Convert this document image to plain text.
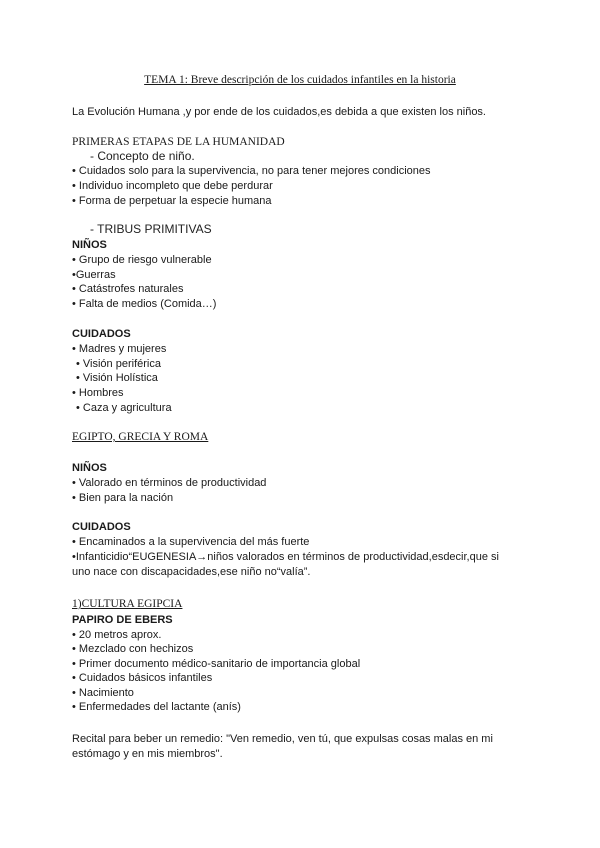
TEMA 1: Breve descripción de los cuidados infantiles en la historia
La Evolución Humana ,y por ende de los cuidados,es debida a que existen los niños.
PRIMERAS ETAPAS DE LA HUMANIDAD
- Concepto de niño.
• Cuidados solo para la supervivencia, no para tener mejores condiciones
• Individuo incompleto que debe perdurar
• Forma de perpetuar la especie humana
- TRIBUS PRIMITIVAS
NIÑOS
• Grupo de riesgo vulnerable
•Guerras
• Catástrofes naturales
• Falta de medios (Comida…)
CUIDADOS
• Madres y mujeres
• Visión periférica
• Visión Holística
• Hombres
• Caza y agricultura
EGIPTO, GRECIA Y ROMA
NIÑOS
• Valorado en términos de productividad
• Bien para la nación
CUIDADOS
• Encaminados a la supervivencia del más fuerte
•Infanticidio“EUGENESIA→niños valorados en términos de productividad,esdecir,que si uno nace con discapacidades,ese niño no“valía”.
1)CULTURA EGIPCIA
PAPIRO DE EBERS
• 20 metros aprox.
• Mezclado con hechizos
• Primer documento médico-sanitario de importancia global
• Cuidados básicos infantiles
• Nacimiento
• Enfermedades del lactante (anís)
Recital para beber un remedio: "Ven remedio, ven tú, que expulsas cosas malas en mi estómago y en mis miembros".
